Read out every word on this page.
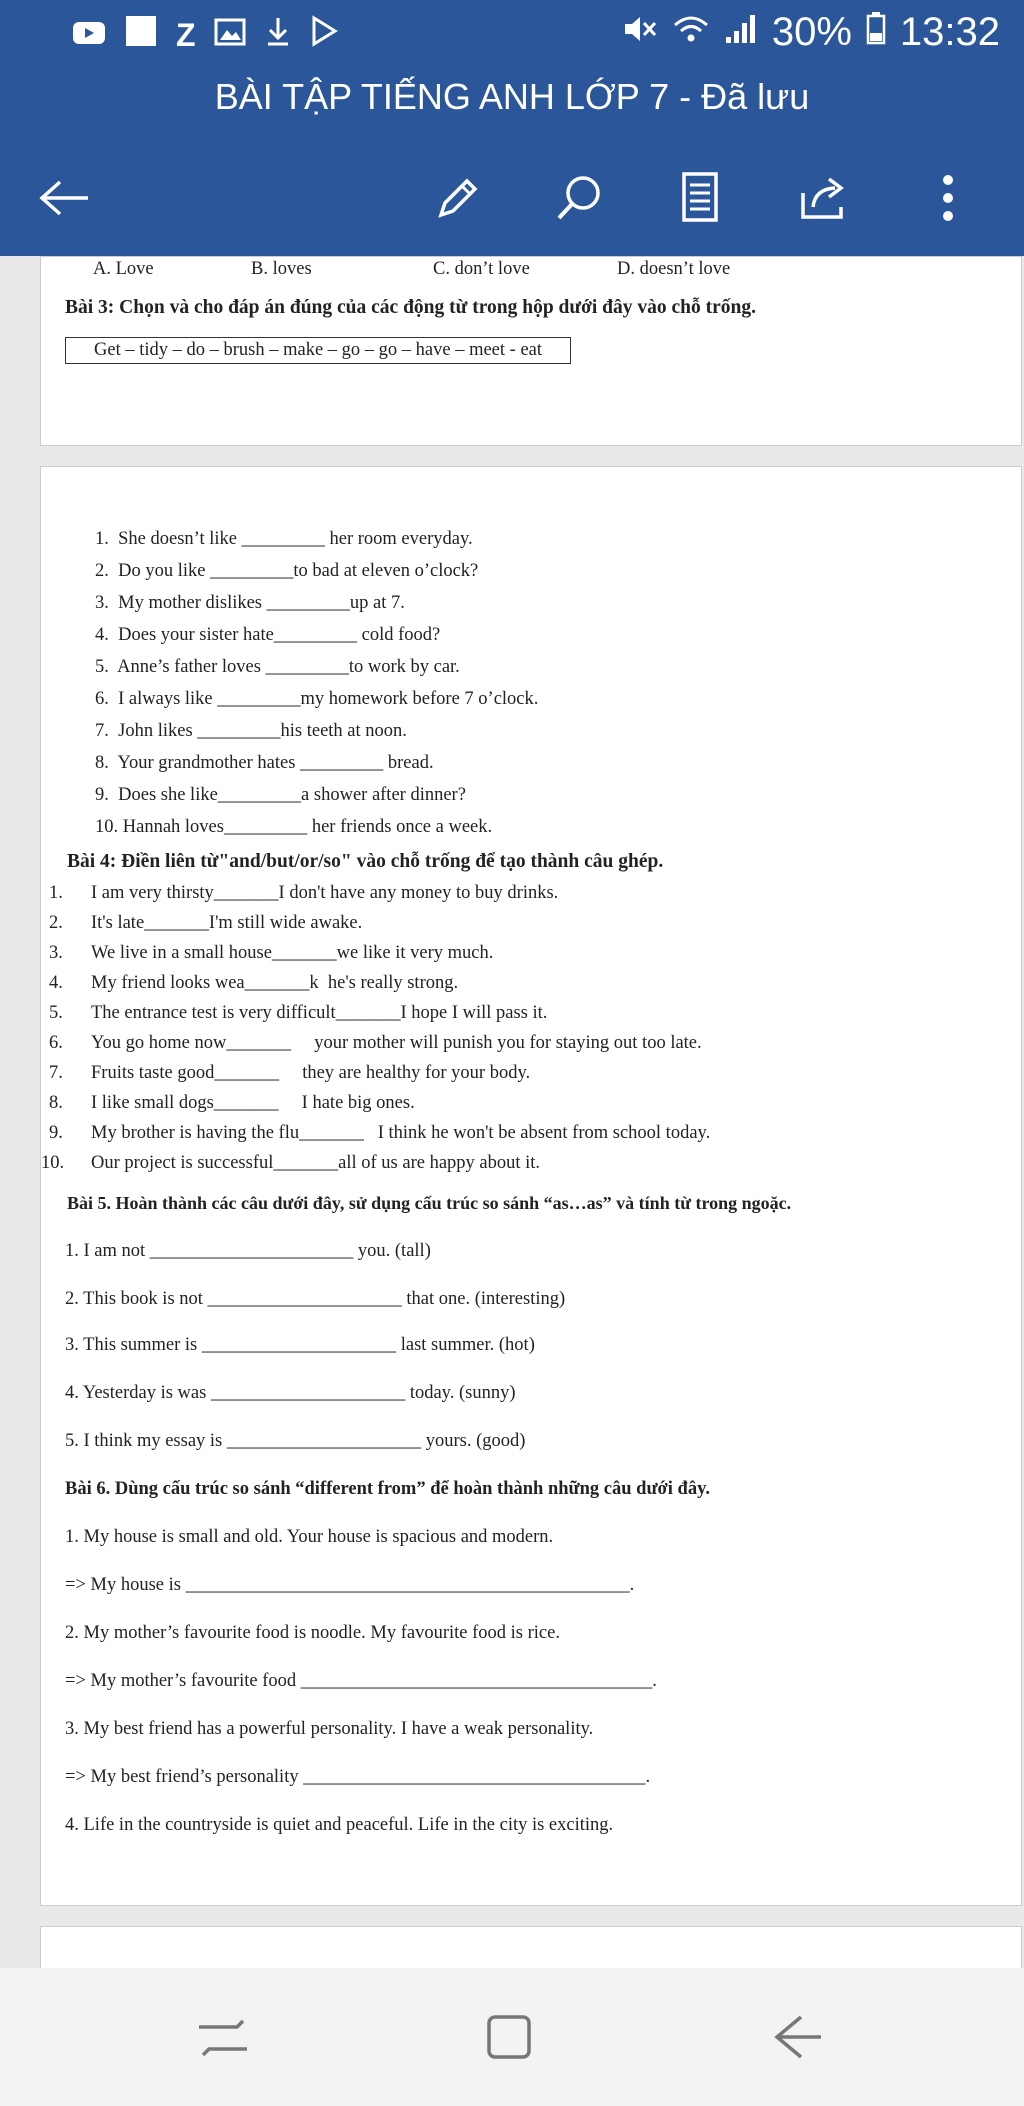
Z	30% 13:32
BÀI TẬP TIẾNG ANH LỚP 7 - Đã lưu
A. Love	B. loves	C. don’t love	D. doesn’t love
Bài 3: Chọn và cho đáp án đúng của các động từ trong hộp dưới đây vào chỗ trống.
Get – tidy – do – brush – make – go – go – have – meet - eat
1.  She doesn’t like _________ her room everyday.
2.  Do you like _________to bad at eleven o’clock?
3.  My mother dislikes _________up at 7.
4.  Does your sister hate_________ cold food?
5.  Anne’s father loves _________to work by car.
6.  I always like _________my homework before 7 o’clock.
7.  John likes _________his teeth at noon.
8.  Your grandmother hates _________ bread.
9.  Does she like_________a shower after dinner?
10. Hannah loves_________ her friends once a week.
Bài 4: Điền liên từ"and/but/or/so" vào chỗ trống để tạo thành câu ghép.
1. I am very thirsty_______I don't have any money to buy drinks.
2. It's late_______I'm still wide awake.
3. We live in a small house_______we like it very much.
4. My friend looks wea_______k  he's really strong.
5. The entrance test is very difficult_______I hope I will pass it.
6. You go home now_______     your mother will punish you for staying out too late.
7. Fruits taste good_______     they are healthy for your body.
8. I like small dogs_______     I hate big ones.
9. My brother is having the flu_______   I think he won't be absent from school today.
10. Our project is successful_______all of us are happy about it.
Bài 5. Hoàn thành các câu dưới đây, sử dụng cấu trúc so sánh “as…as” và tính từ trong ngoặc.
1. I am not ______________________ you. (tall)
2. This book is not _____________________ that one. (interesting)
3. This summer is _____________________ last summer. (hot)
4. Yesterday is was _____________________ today. (sunny)
5. I think my essay is _____________________ yours. (good)
Bài 6. Dùng cấu trúc so sánh “different from” để hoàn thành những câu dưới đây.
1. My house is small and old. Your house is spacious and modern.
=> My house is ________________________________________________.
2. My mother’s favourite food is noodle. My favourite food is rice.
=> My mother’s favourite food ______________________________________.
3. My best friend has a powerful personality. I have a weak personality.
=> My best friend’s personality _____________________________________.
4. Life in the countryside is quiet and peaceful. Life in the city is exciting.
